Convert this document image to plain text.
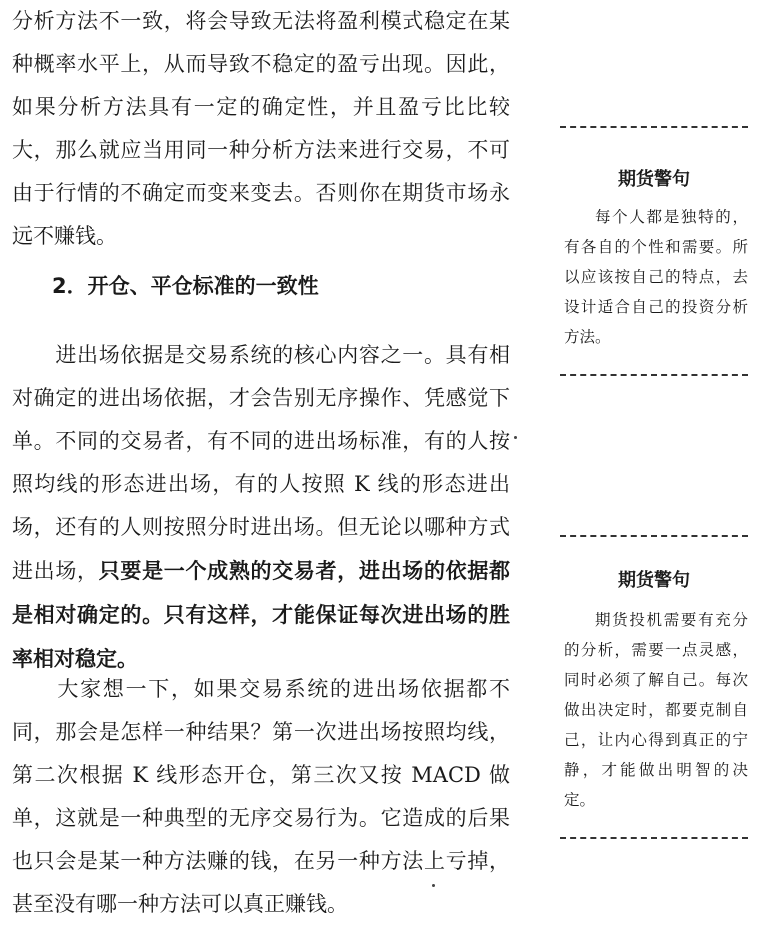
分析方法不一致，将会导致无法将盈利模式稳定在某种概率水平上，从而导致不稳定的盈亏出现。因此，如果分析方法具有一定的确定性，并且盈亏比比较大，那么就应当用同一种分析方法来进行交易，不可由于行情的不确定而变来变去。否则你在期货市场永远不赚钱。

2．开仓、平仓标准的一致性

　　进出场依据是交易系统的核心内容之一。具有相对确定的进出场依据，才会告别无序操作、凭感觉下单。不同的交易者，有不同的进出场标准，有的人按照均线的形态进出场，有的人按照 K 线的形态进出场，还有的人则按照分时进出场。但无论以哪种方式进出场，只要是一个成熟的交易者，进出场的依据都是相对确定的。只有这样，才能保证每次进出场的胜率相对稳定。

　　大家想一下，如果交易系统的进出场依据都不同，那会是怎样一种结果？第一次进出场按照均线，第二次根据 K 线形态开仓，第三次又按 MACD 做单，这就是一种典型的无序交易行为。它造成的后果也只会是某一种方法赚的钱，在另一种方法上亏掉，甚至没有哪一种方法可以真正赚钱。

期货警句

每个人都是独特的，有各自的个性和需要。所以应该按自己的特点，去设计适合自己的投资分析方法。

期货警句

期货投机需要有充分的分析，需要一点灵感，同时必须了解自己。每次做出决定时，都要克制自己，让内心得到真正的宁静，才能做出明智的决定。
